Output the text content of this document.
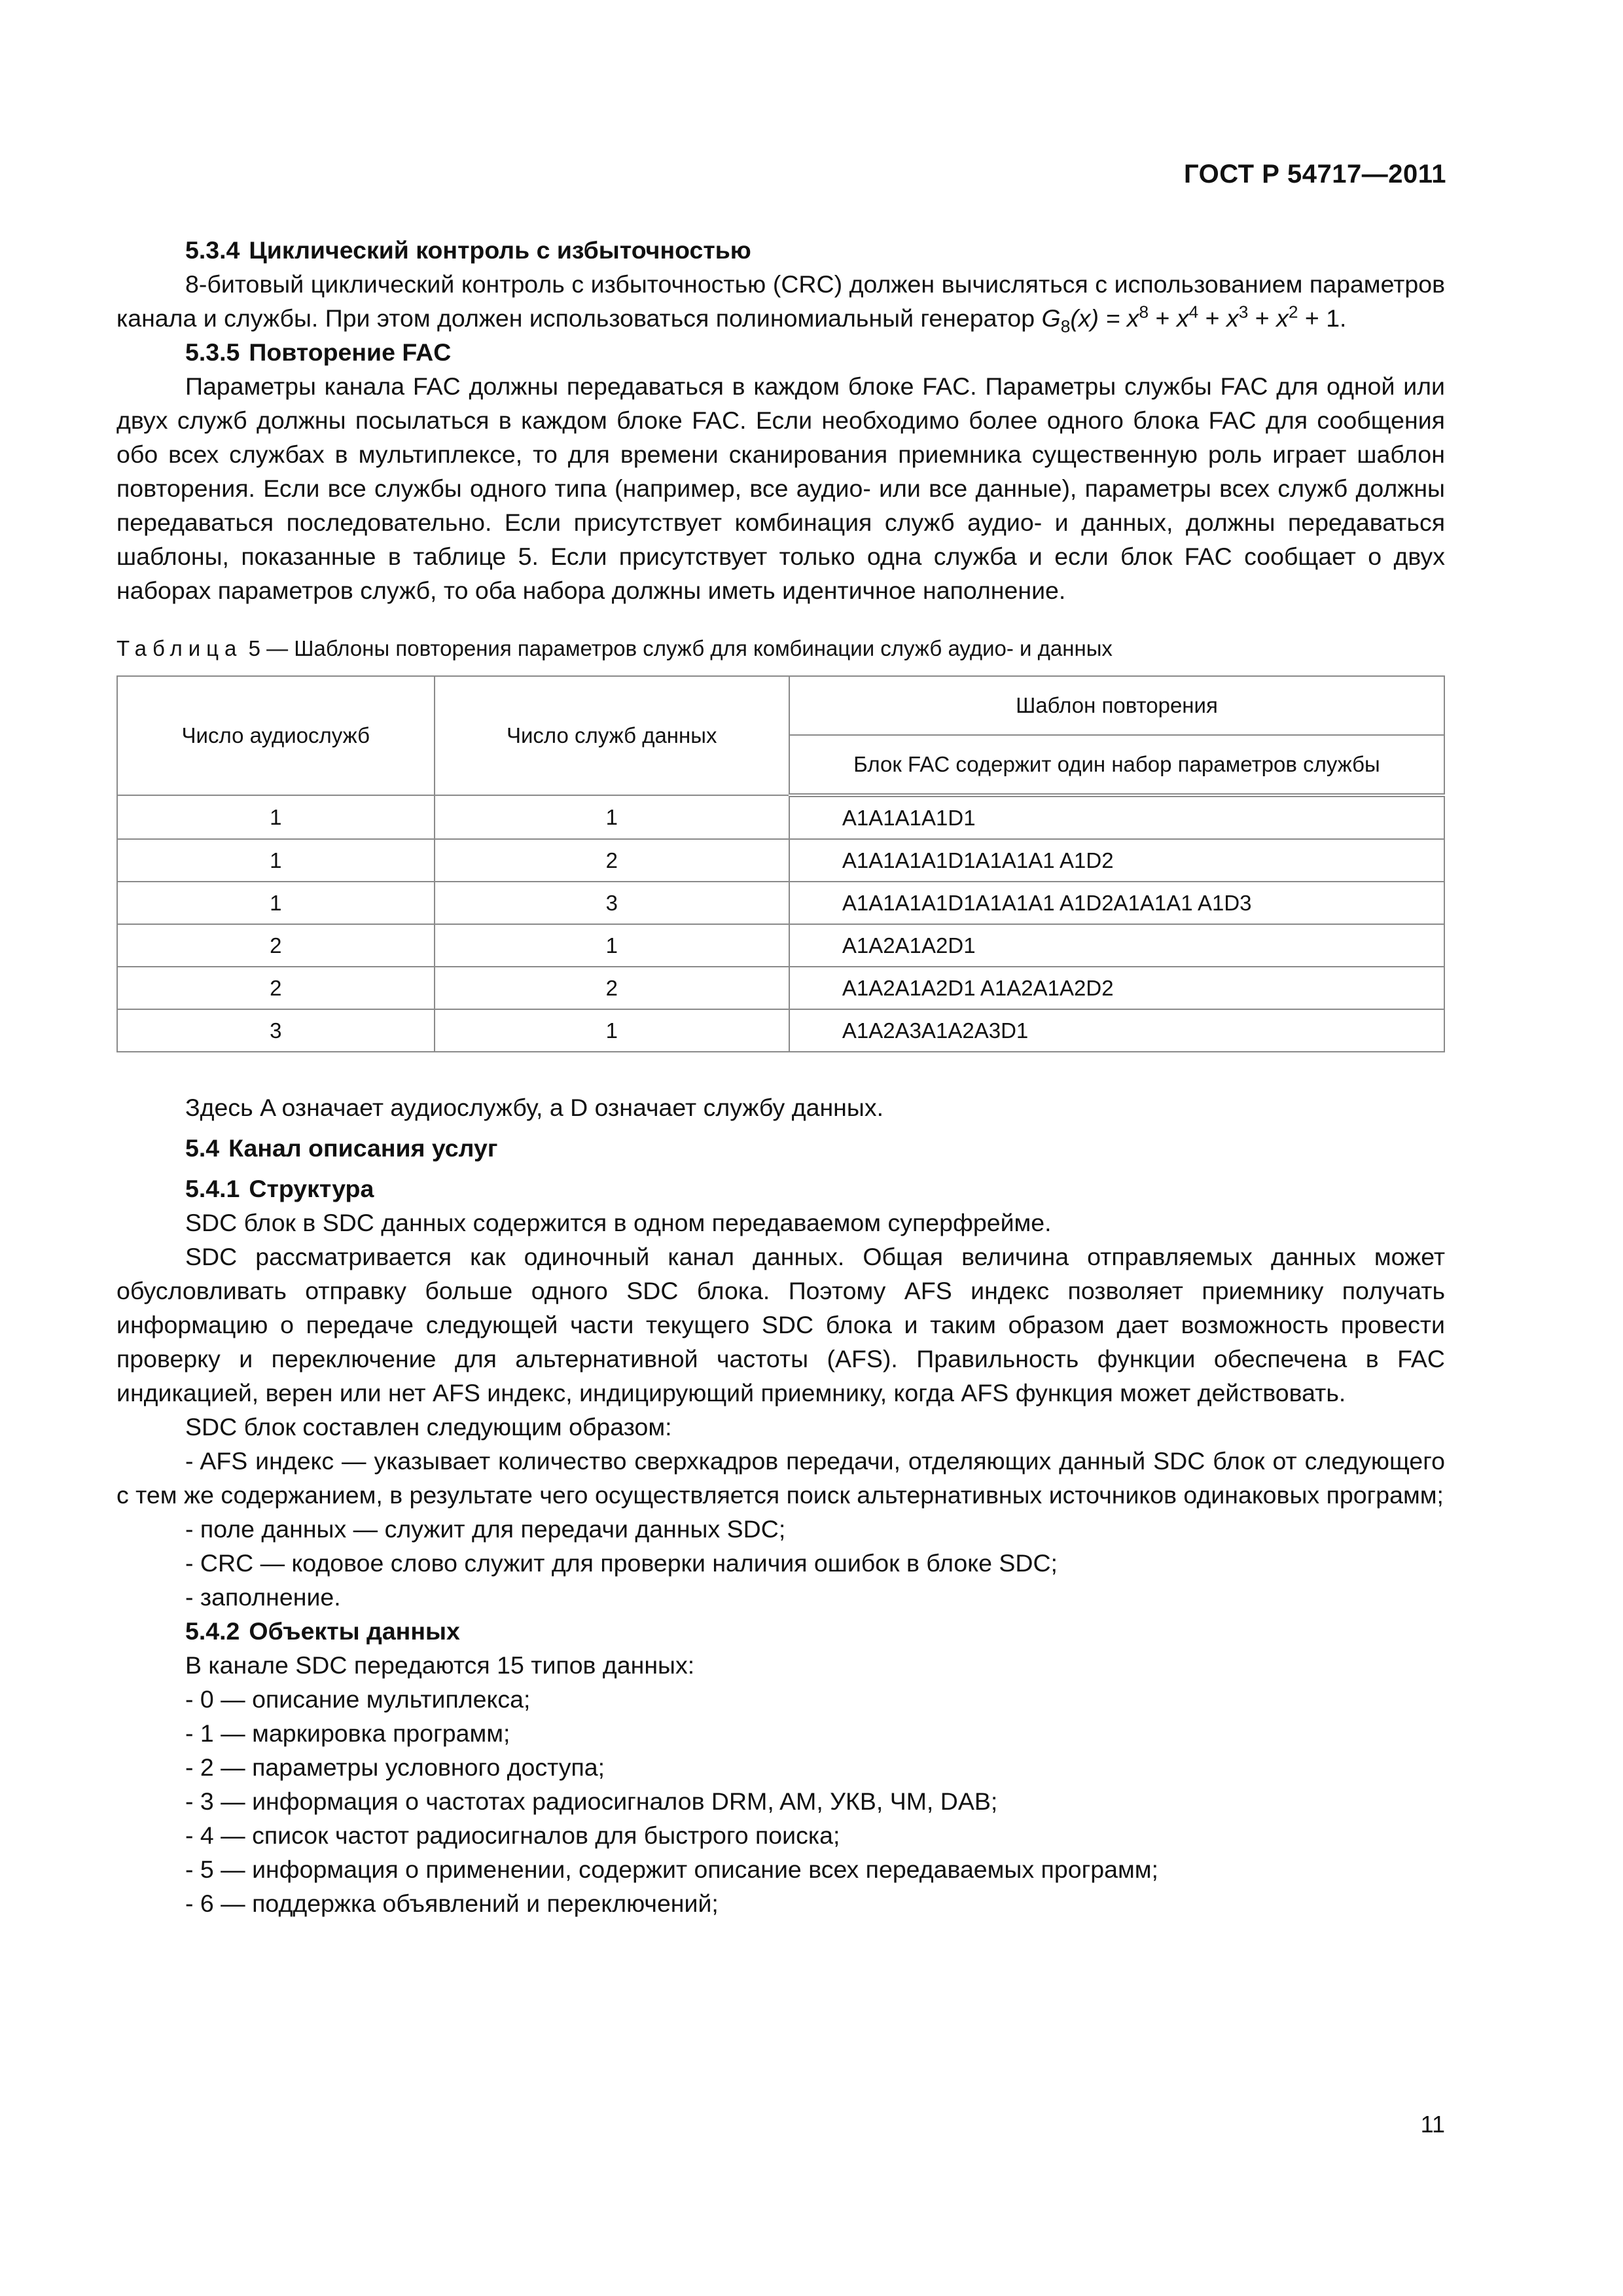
ГОСТ Р 54717—2011

5.3.4 Циклический контроль с избыточностью

8-битовый циклический контроль с избыточностью (CRC) должен вычисляться с использованием параметров канала и службы. При этом должен использоваться полиномиальный генератор $G_8(x) = x^8 + x^4 + x^3 + x^2 + 1$.

5.3.5 Повторение FAC

Параметры канала FAC должны передаваться в каждом блоке FAC. Параметры службы FAC для одной или двух служб должны посылаться в каждом блоке FAC. Если необходимо более одного блока FAC для сообщения обо всех службах в мультиплексе, то для времени сканирования приемника существенную роль играет шаблон повторения. Если все службы одного типа (например, все аудио- или все данные), параметры всех служб должны передаваться последовательно. Если присутствует комбинация служб аудио- и данных, должны передаваться шаблоны, показанные в таблице 5. Если присутствует только одна служба и если блок FAC сообщает о двух наборах параметров служб, то оба набора должны иметь идентичное наполнение.

Таблица 5 — Шаблоны повторения параметров служб для комбинации служб аудио- и данных

Число аудиослужб	Число служб данных	Шаблон повторения
		Блок FAC содержит один набор параметров службы
1	1	A1A1A1A1D1
1	2	A1A1A1A1D1A1A1A1 A1D2
1	3	A1A1A1A1D1A1A1A1 A1D2A1A1A1 A1D3
2	1	A1A2A1A2D1
2	2	A1A2A1A2D1 A1A2A1A2D2
3	1	A1A2A3A1A2A3D1

Здесь A означает аудиослужбу, а D означает службу данных.

5.4 Канал описания услуг

5.4.1 Структура

SDC блок в SDC данных содержится в одном передаваемом суперфрейме.

SDC рассматривается как одиночный канал данных. Общая величина отправляемых данных может обусловливать отправку больше одного SDC блока. Поэтому AFS индекс позволяет приемнику получать информацию о передаче следующей части текущего SDC блока и таким образом дает возможность провести проверку и переключение для альтернативной частоты (AFS). Правильность функции обеспечена в FAC индикацией, верен или нет AFS индекс, индицирующий приемнику, когда AFS функция может действовать.

SDC блок составлен следующим образом:

- AFS индекс — указывает количество сверхкадров передачи, отделяющих данный SDC блок от следующего с тем же содержанием, в результате чего осуществляется поиск альтернативных источников одинаковых программ;

- поле данных — служит для передачи данных SDC;

- CRC — кодовое слово служит для проверки наличия ошибок в блоке SDC;

- заполнение.

5.4.2 Объекты данных

В канале SDC передаются 15 типов данных:

- 0 — описание мультиплекса;

- 1 — маркировка программ;

- 2 — параметры условного доступа;

- 3 — информация о частотах радиосигналов DRM, AM, УКВ, ЧМ, DAB;

- 4 — список частот радиосигналов для быстрого поиска;

- 5 — информация о применении, содержит описание всех передаваемых программ;

- 6 — поддержка объявлений и переключений;

11
